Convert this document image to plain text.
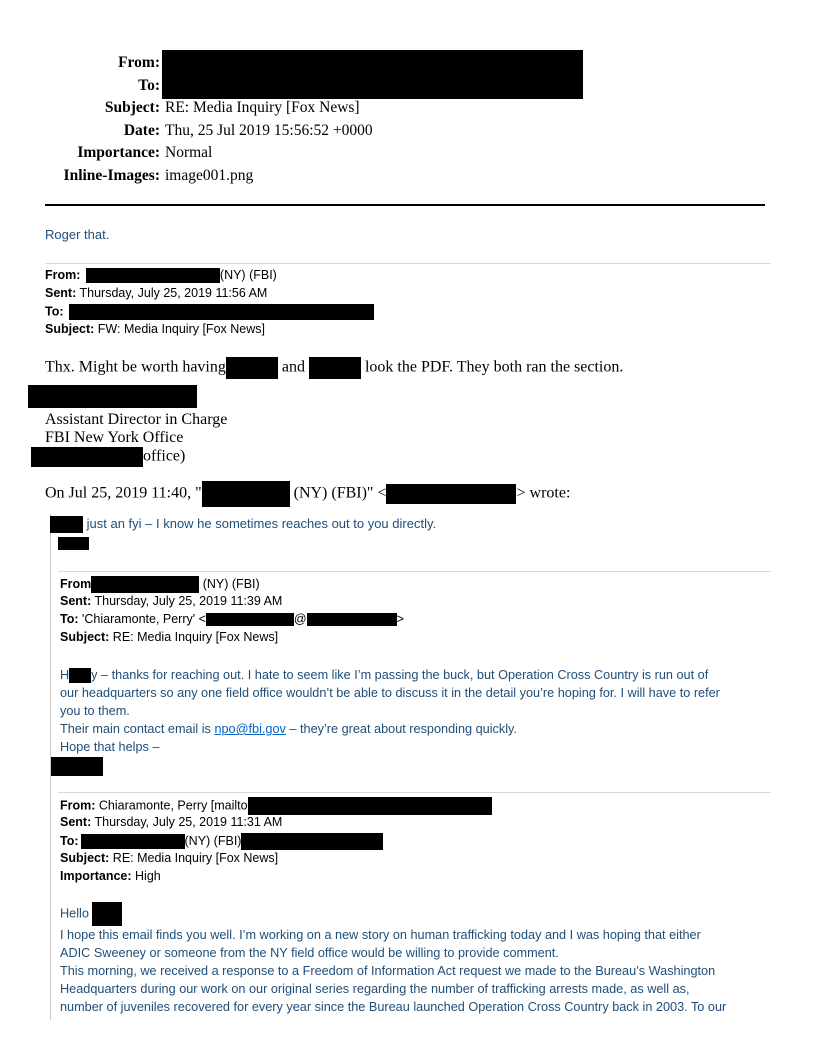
From:
To:
Subject: RE: Media Inquiry [Fox News]
Date: Thu, 25 Jul 2019 15:56:52 +0000
Importance: Normal
Inline-Images: image001.png
Roger that.
From:	(NY) (FBI)
Sent: Thursday, July 25, 2019 11:56 AM
To:
Subject: FW: Media Inquiry [Fox News]
Thx. Might be worth having	and	look the PDF. They both ran the section.
Assistant Director in Charge
FBI New York Office
office)
On Jul 25, 2019 11:40, "	(NY) (FBI)" <	> wrote:
just an fyi – I know he sometimes reaches out to you directly.
From	(NY) (FBI)
Sent: Thursday, July 25, 2019 11:39 AM
To: 'Chiaramonte, Perry' <	@	>
Subject: RE: Media Inquiry [Fox News]
H y – thanks for reaching out. I hate to seem like I’m passing the buck, but Operation Cross Country is run out of
our headquarters so any one field office wouldn’t be able to discuss it in the detail you’re hoping for. I will have to refer
you to them.
Their main contact email is npo@fbi.gov – they’re great about responding quickly.
Hope that helps –
From: Chiaramonte, Perry [mailto
Sent: Thursday, July 25, 2019 11:31 AM
To:	(NY) (FBI)
Subject: RE: Media Inquiry [Fox News]
Importance: High
Hello
I hope this email finds you well. I’m working on a new story on human trafficking today and I was hoping that either
ADIC Sweeney or someone from the NY field office would be willing to provide comment.
This morning, we received a response to a Freedom of Information Act request we made to the Bureau’s Washington
Headquarters during our work on our original series regarding the number of trafficking arrests made, as well as,
number of juveniles recovered for every year since the Bureau launched Operation Cross Country back in 2003. To our
